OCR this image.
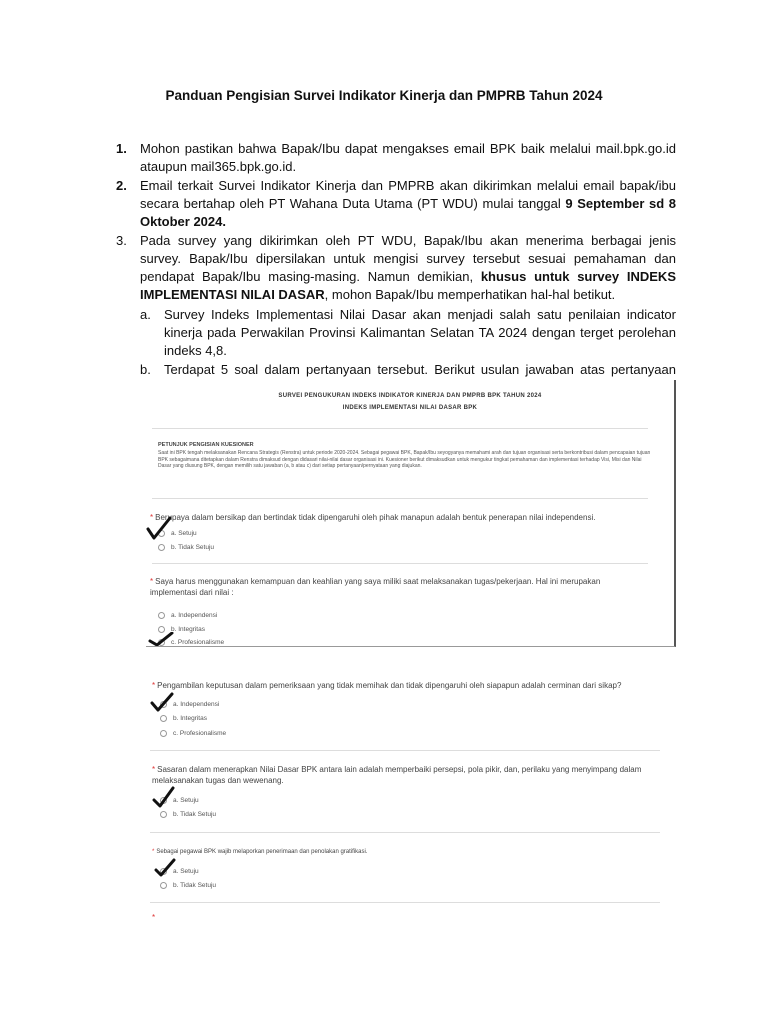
Panduan Pengisian Survei Indikator Kinerja dan PMPRB Tahun 2024
1. Mohon pastikan bahwa Bapak/Ibu dapat mengakses email BPK baik melalui mail.bpk.go.id ataupun mail365.bpk.go.id.
2. Email terkait Survei Indikator Kinerja dan PMPRB akan dikirimkan melalui email bapak/ibu secara bertahap oleh PT Wahana Duta Utama (PT WDU) mulai tanggal 9 September sd 8 Oktober 2024.
3. Pada survey yang dikirimkan oleh PT WDU, Bapak/Ibu akan menerima berbagai jenis survey. Bapak/Ibu dipersilakan untuk mengisi survey tersebut sesuai pemahaman dan pendapat Bapak/Ibu masing-masing. Namun demikian, khusus untuk survey INDEKS IMPLEMENTASI NILAI DASAR, mohon Bapak/Ibu memperhatikan hal-hal betikut.
a. Survey Indeks Implementasi Nilai Dasar akan menjadi salah satu penilaian indicator kinerja pada Perwakilan Provinsi Kalimantan Selatan TA 2024 dengan terget perolehan indeks 4,8.
b. Terdapat 5 soal dalam pertanyaan tersebut. Berikut usulan jawaban atas pertanyaan
SURVEI PENGUKURAN INDEKS INDIKATOR KINERJA DAN PMPRB BPK TAHUN 2024
INDEKS IMPLEMENTASI NILAI DASAR BPK
PETUNJUK PENGISIAN KUESIONER
Saat ini BPK tengah melaksanakan Rencana Strategis (Renstra) untuk periode 2020-2024. Sebagai pegawai BPK, Bapak/Ibu seyogyanya memahami arah dan tujuan organisasi serta berkontribusi dalam pencapaian tujuan BPK sebagaimana ditetapkan dalam Renstra dimaksud dengan didasari nilai-nilai dasar organisasi ini. Kuesioner berikut dimaksudkan untuk mengukur tingkat pemahaman dan implementasi terhadap Visi, Misi dan Nilai Dasar yang diusung BPK, dengan memilih satu jawaban (a, b atau c) dari setiap pertanyaan/pernyataan yang diajukan.
* Berupaya dalam bersikap dan bertindak tidak dipengaruhi oleh pihak manapun adalah bentuk penerapan nilai independensi.
a. Setuju
b. Tidak Setuju
* Saya harus menggunakan kemampuan dan keahlian yang saya miliki saat melaksanakan tugas/pekerjaan. Hal ini merupakan implementasi dari nilai :
a. Independensi
b. Integritas
c. Profesionalisme
* Pengambilan keputusan dalam pemeriksaan yang tidak memihak dan tidak dipengaruhi oleh siapapun adalah cerminan dari sikap?
a. Independensi
b. Integritas
c. Profesionalisme
* Sasaran dalam menerapkan Nilai Dasar BPK antara lain adalah memperbaiki persepsi, pola pikir, dan, perilaku yang menyimpang dalam melaksanakan tugas dan wewenang.
a. Setuju
b. Tidak Setuju
* Sebagai pegawai BPK wajib melaporkan penerimaan dan penolakan gratifikasi.
a. Setuju
b. Tidak Setuju
*
